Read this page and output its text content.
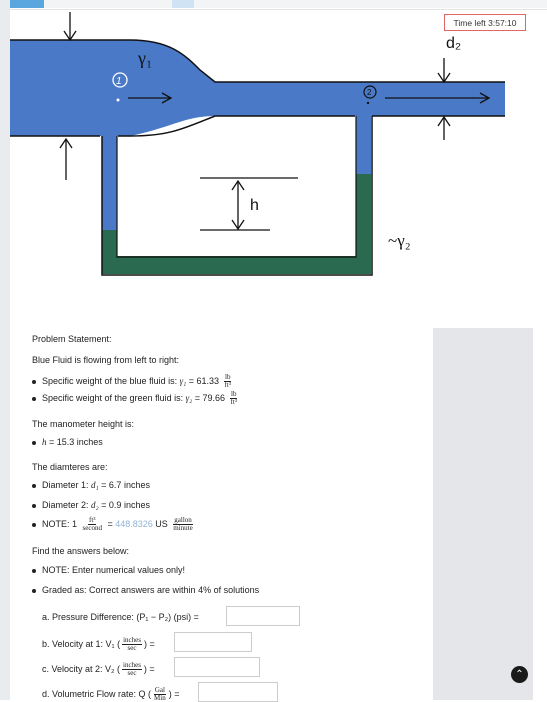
h
d₂
1
2
γ₁
~γ₂
Time left 3:57:10
Problem Statement:
Blue Fluid is flowing from left to right:
Specific weight of the blue fluid is: $\gamma_1 = 61.33 \frac{lb}{\text{ft³}}$
Specific weight of the green fluid is: $\gamma_2 = 79.66 \frac{lb}{\text{ft³}}$
The manometer height is:
h = 15.3 inches
The diamteres are:
Diameter 1: d₁ = 6.7 inches
Diameter 2: d₂ = 0.9 inches
NOTE: $1 \frac{\text{ft³}}{\text{second}} = 448.8326$ US $\frac{\text{gallon}}{\text{minute}}$
Find the answers below:
NOTE: Enter numerical values only!
Graded as: Correct answers are within 4% of solutions
a. Pressure Difference: (P₁ − P₂) (psi) =
b. Velocity at 1: V₁ ( $\frac{\text{inches}}{\sec}$ ) =
c. Velocity at 2: V₂ ( $\frac{\text{inches}}{\sec}$ ) =
d. Volumetric Flow rate: Q ( $\frac{\text{Gal}}{\text{Min}}$ ) =
⌃
